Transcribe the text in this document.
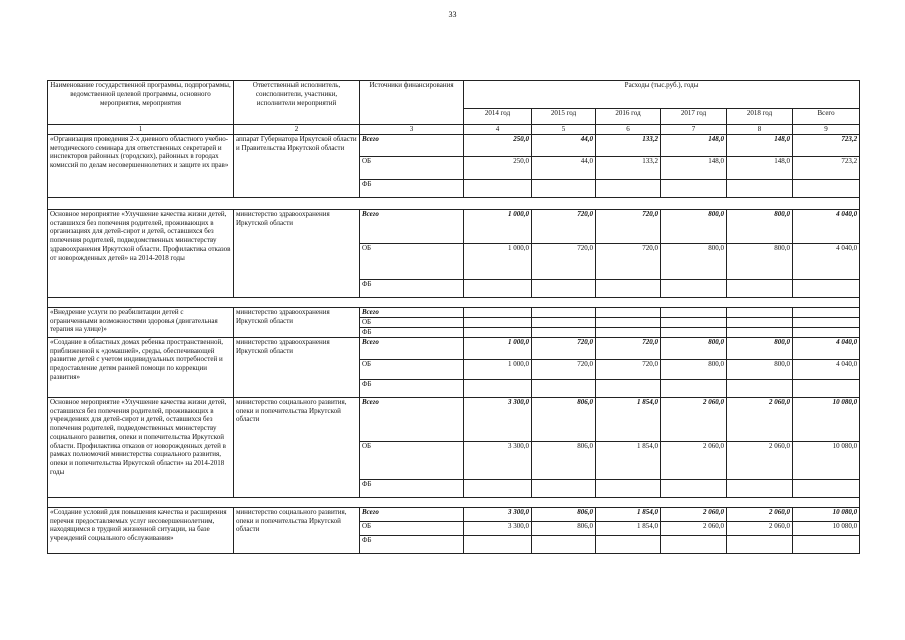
33
Наименование государственной программы, подпрограммы, ведомственной целевой программы, основного мероприятия, мероприятия	Ответственный исполнитель, соисполнители, участники, исполнители мероприятий	Источники финансирования	Расходы (тыс.руб.), годы					
			2014 год	2015 год	2016 год	2017 год	2018 год	Всего
1	2	3	4	5	6	7	8	9
«Организация проведения 2-х дневного областного учебно-методического семинара для ответственных секретарей и инспекторов районных (городских), районных в городах комиссий по делам несовершеннолетних и защите их прав»	аппарат Губернатора Иркутской области и Правительства Иркутской области	Всего	250,0	44,0	133,2	148,0	148,0	723,2
		ОБ	250,0	44,0	133,2	148,0	148,0	723,2
		ФБ						

Основное мероприятие «Улучшение качества жизни детей, оставшихся без попечения родителей, проживающих в организациях для детей-сирот и детей, оставшихся без попечения родителей, подведомственных министерству здравоохранения Иркутской области. Профилактика отказов от новорожденных детей» на 2014-2018 годы	министерство здравоохранения Иркутской области	Всего	1 000,0	720,0	720,0	800,0	800,0	4 040,0
		ОБ	1 000,0	720,0	720,0	800,0	800,0	4 040,0
		ФБ						

«Внедрение услуги по реабилитации детей с ограниченными возможностями здоровья (двигательная терапия на улице)»	министерство здравоохранения Иркутской области	Всего						
		ОБ						
		ФБ						
«Создание в областных домах ребенка пространственной, приближенной к «домашней», среды, обеспечивающей развитие детей с учетом индивидуальных потребностей и предоставление детям ранней помощи по коррекции развития»	министерство здравоохранения Иркутской области	Всего	1 000,0	720,0	720,0	800,0	800,0	4 040,0
		ОБ	1 000,0	720,0	720,0	800,0	800,0	4 040,0
		ФБ						
Основное мероприятие «Улучшение качества жизни детей, оставшихся без попечения родителей, проживающих в учреждениях для детей-сирот и детей, оставшихся без попечения родителей, подведомственных министерству социального развития, опеки и попечительства Иркутской области. Профилактика отказов от новорожденных детей в рамках полномочий министерства социального развития, опеки и попечительства Иркутской области» на 2014-2018 годы	министерство социального развития, опеки и попечительства Иркутской области	Всего	3 300,0	806,0	1 854,0	2 060,0	2 060,0	10 080,0
		ОБ	3 300,0	806,0	1 854,0	2 060,0	2 060,0	10 080,0
		ФБ						

«Создание условий для повышения качества и расширения перечня предоставляемых услуг несовершеннолетним, находящимся в трудной жизненной ситуации, на базе учреждений социального обслуживания»	министерство социального развития, опеки и попечительства Иркутской области	Всего	3 300,0	806,0	1 854,0	2 060,0	2 060,0	10 080,0
		ОБ	3 300,0	806,0	1 854,0	2 060,0	2 060,0	10 080,0
		ФБ						
